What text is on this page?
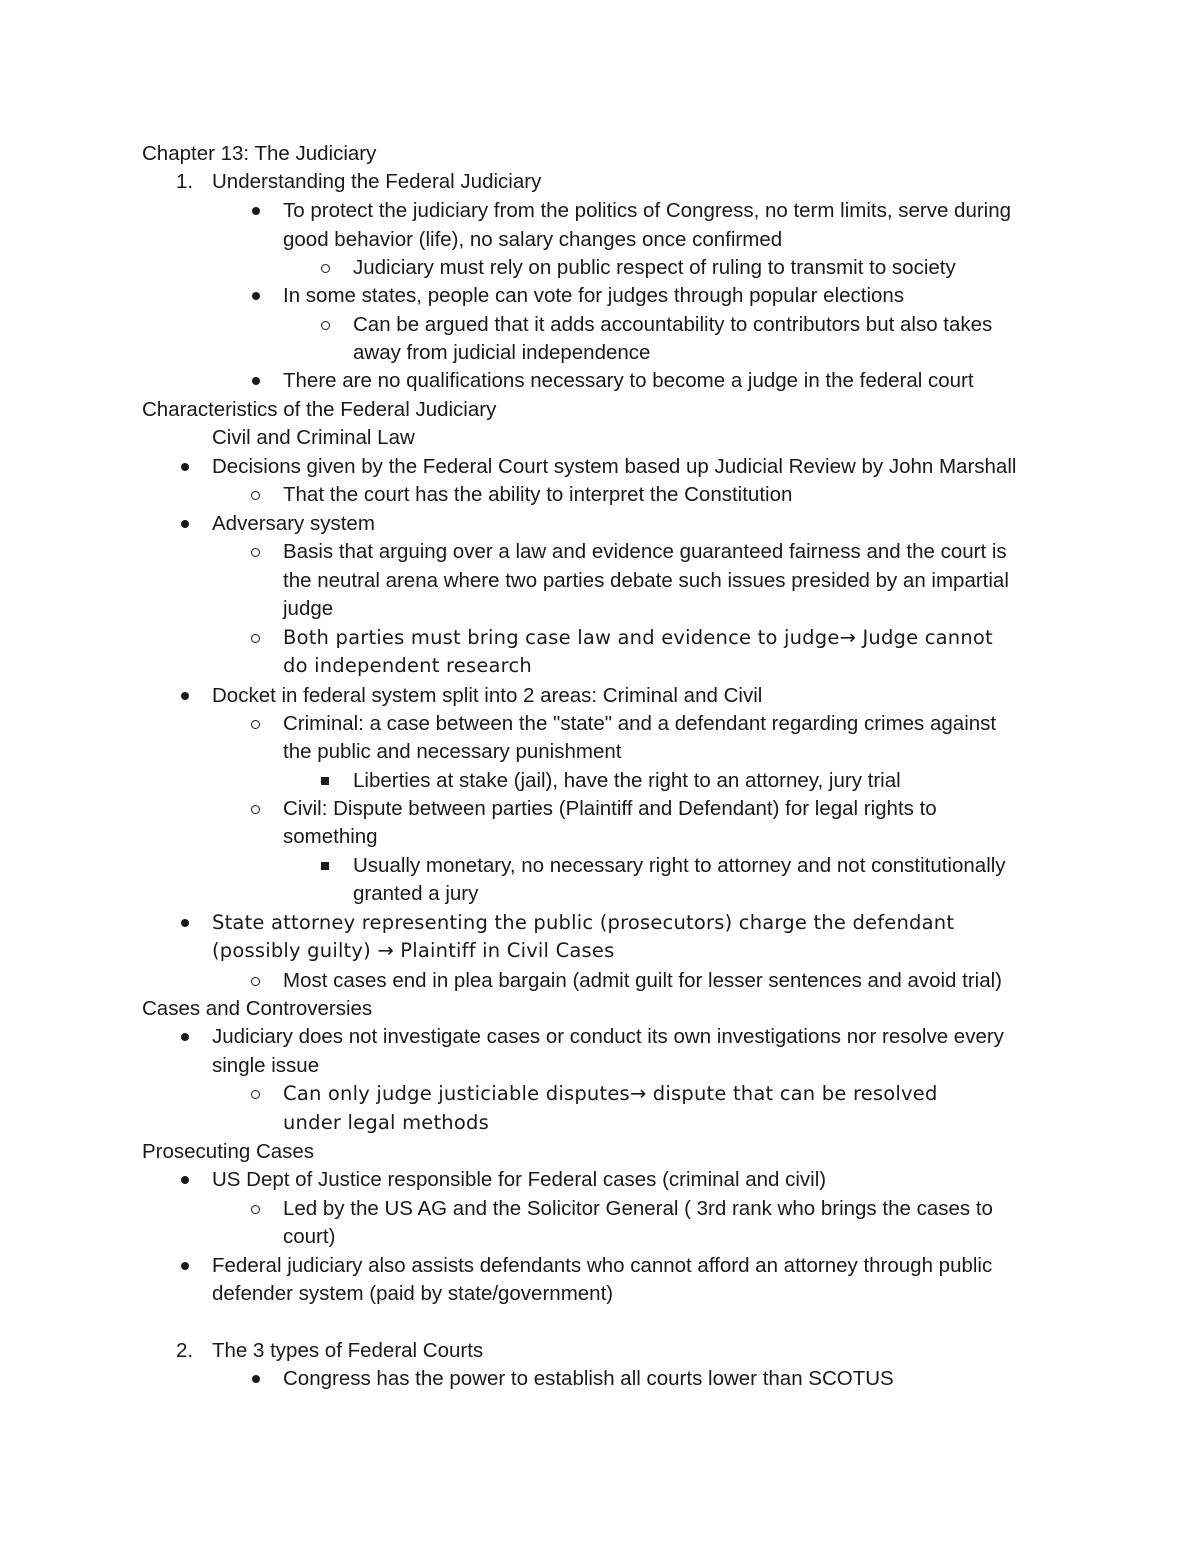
Chapter 13: The Judiciary
Understanding the Federal Judiciary
1.
To protect the judiciary from the politics of Congress, no term limits, serve during
good behavior (life), no salary changes once confirmed
Judiciary must rely on public respect of ruling to transmit to society
In some states, people can vote for judges through popular elections
Can be argued that it adds accountability to contributors but also takes
away from judicial independence
There are no qualifications necessary to become a judge in the federal court
Characteristics of the Federal Judiciary
Civil and Criminal Law
Decisions given by the Federal Court system based up Judicial Review by John Marshall
That the court has the ability to interpret the Constitution
Adversary system
Basis that arguing over a law and evidence guaranteed fairness and the court is
the neutral arena where two parties debate such issues presided by an impartial
judge
Both parties must bring case law and evidence to judge→ Judge cannot
do independent research
Docket in federal system split into 2 areas: Criminal and Civil
Criminal: a case between the "state" and a defendant regarding crimes against
the public and necessary punishment
Liberties at stake (jail), have the right to an attorney, jury trial
Civil: Dispute between parties (Plaintiff and Defendant) for legal rights to
something
Usually monetary, no necessary right to attorney and not constitutionally
granted a jury
State attorney representing the public (prosecutors) charge the defendant
(possibly guilty) → Plaintiff in Civil Cases
Most cases end in plea bargain (admit guilt for lesser sentences and avoid trial)
Cases and Controversies
Judiciary does not investigate cases or conduct its own investigations nor resolve every
single issue
Can only judge justiciable disputes→ dispute that can be resolved
under legal methods
Prosecuting Cases
US Dept of Justice responsible for Federal cases (criminal and civil)
Led by the US AG and the Solicitor General ( 3rd rank who brings the cases to
court)
Federal judiciary also assists defendants who cannot afford an attorney through public
defender system (paid by state/government)
The 3 types of Federal Courts
2.
Congress has the power to establish all courts lower than SCOTUS
